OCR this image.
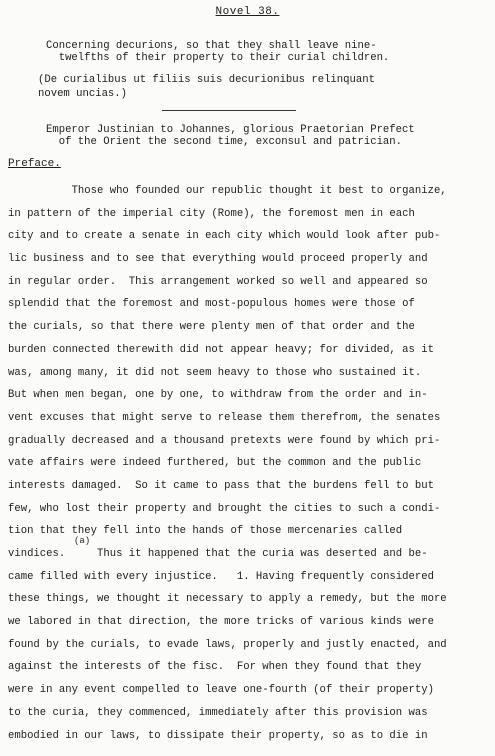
Novel 38.
Concerning decurions, so that they shall leave nine-
twelfths of their property to their curial children.
(De curialibus ut filiis suis decurionibus relinquant
novem uncias.)
Emperor Justinian to Johannes, glorious Praetorian Prefect
of the Orient the second time, exconsul and patrician.
Preface.
Those who founded our republic thought it best to organize,
in pattern of the imperial city (Rome), the foremost men in each
city and to create a senate in each city which would look after pub-
lic business and to see that everything would proceed properly and
in regular order.  This arrangement worked so well and appeared so
splendid that the foremost and most-populous homes were those of
the curials, so that there were plenty men of that order and the
burden connected therewith did not appear heavy; for divided, as it
was, among many, it did not seem heavy to those who sustained it.
But when men began, one by one, to withdraw from the order and in-
vent excuses that might serve to release them therefrom, the senates
gradually decreased and a thousand pretexts were found by which pri-
vate affairs were indeed furthered, but the common and the public
interests damaged.  So it came to pass that the burdens fell to but
few, who lost their property and brought the cities to such a condi-
tion that they fell into the hands of those mercenaries called
vindices.     Thus it happened that the curia was deserted and be-
came filled with every injustice.   1. Having frequently considered
these things, we thought it necessary to apply a remedy, but the more
we labored in that direction, the more tricks of various kinds were
found by the curials, to evade laws, properly and justly enacted, and
against the interests of the fisc.  For when they found that they
were in any event compelled to leave one-fourth (of their property)
to the curia, they commenced, immediately after this provision was
embodied in our laws, to dissipate their property, so as to die in
(a)
